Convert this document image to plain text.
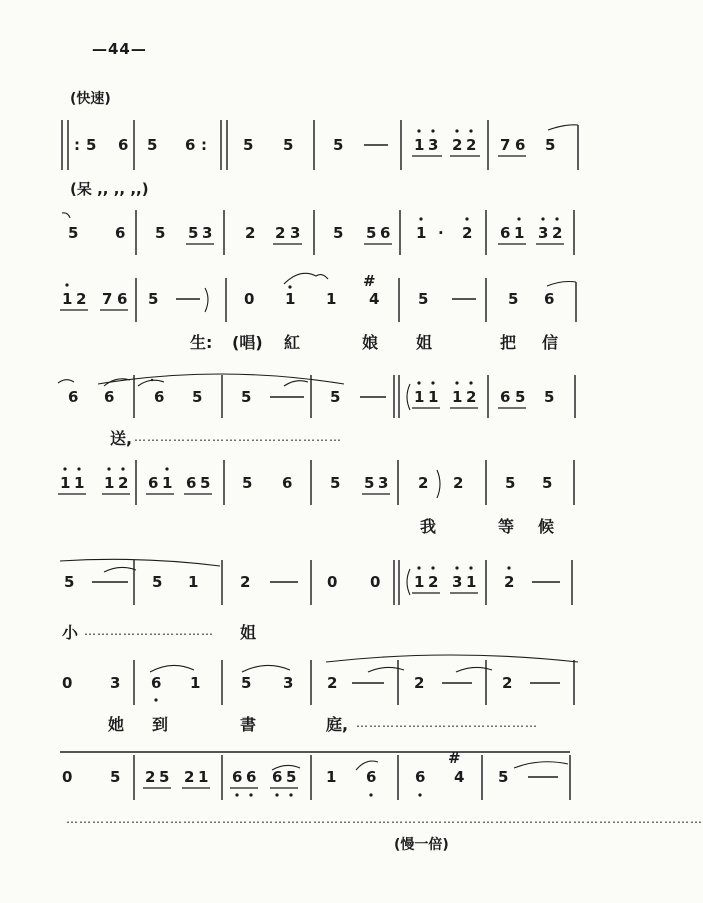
—44—
(快速)
: 5 6 5 6 : 5 5	5	1 3 2 2 7 6 5
5 6 5 5 3 2 2 3 5 5 6 1 · 2 6 1 3 2
1 2 7 6 5	0 1 1 4
#
5	5 6
6 6	6 5	5	5	1 1 1 2 6 5 5
1 1 1 2 6 1 6 5 5 6	5 5 3 2 2	5 5
5	5 1	2	0 0 1 2 3 1 2
0	3 6 1	5 3 2	2	2
0	5 2 5 2 1 6 6 6 5 1 6	6 4
#
5
(呆 ,, ,, ,,)
生: (唱) 紅	娘 姐	把 信
送, …………………………………………
我	等 候
小 …………………………	姐
她 到	書	庭, ……………………………………
…………………………………………………………………………………………………………………………………
(慢一倍)
